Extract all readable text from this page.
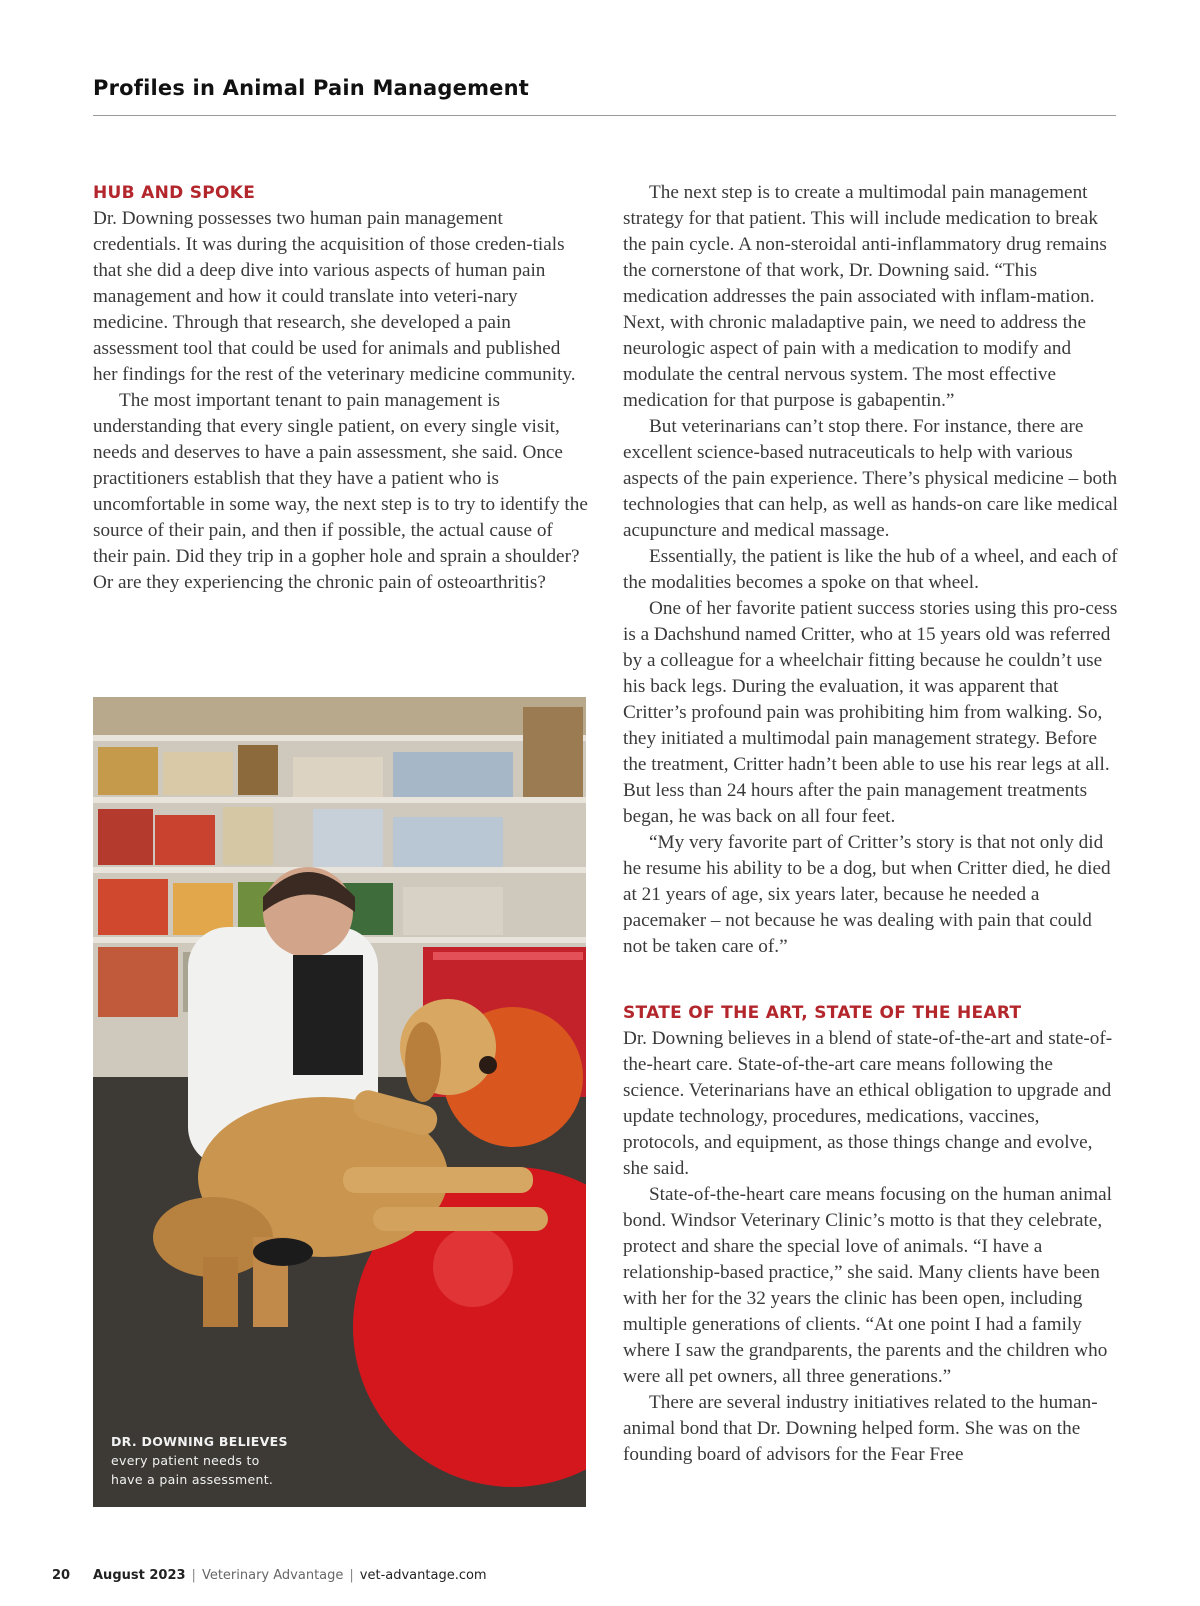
Profiles in Animal Pain Management
HUB AND SPOKE

Dr. Downing possesses two human pain management credentials. It was during the acquisition of those creden-tials that she did a deep dive into various aspects of human pain management and how it could translate into veteri-nary medicine. Through that research, she developed a pain assessment tool that could be used for animals and published her findings for the rest of the veterinary medicine community.

The most important tenant to pain management is understanding that every single patient, on every single visit, needs and deserves to have a pain assessment, she said. Once practitioners establish that they have a patient who is uncomfortable in some way, the next step is to try to identify the source of their pain, and then if possible, the actual cause of their pain. Did they trip in a gopher hole and sprain a shoulder? Or are they experiencing the chronic pain of osteoarthritis?

DR. DOWNING BELIEVES
every patient needs to
have a pain assessment.

The next step is to create a multimodal pain management strategy for that patient. This will include medication to break the pain cycle. A non-steroidal anti-inflammatory drug remains the cornerstone of that work, Dr. Downing said. “This medication addresses the pain associated with inflam-mation. Next, with chronic maladaptive pain, we need to address the neurologic aspect of pain with a medication to modify and modulate the central nervous system. The most effective medication for that purpose is gabapentin.”

But veterinarians can’t stop there. For instance, there are excellent science-based nutraceuticals to help with various aspects of the pain experience. There’s physical medicine – both technologies that can help, as well as hands-on care like medical acupuncture and medical massage.

Essentially, the patient is like the hub of a wheel, and each of the modalities becomes a spoke on that wheel.

One of her favorite patient success stories using this pro-cess is a Dachshund named Critter, who at 15 years old was referred by a colleague for a wheelchair fitting because he couldn’t use his back legs. During the evaluation, it was apparent that Critter’s profound pain was prohibiting him from walking. So, they initiated a multimodal pain management strategy. Before the treatment, Critter hadn’t been able to use his rear legs at all. But less than 24 hours after the pain management treatments began, he was back on all four feet.

“My very favorite part of Critter’s story is that not only did he resume his ability to be a dog, but when Critter died, he died at 21 years of age, six years later, because he needed a pacemaker – not because he was dealing with pain that could not be taken care of.”

STATE OF THE ART, STATE OF THE HEART

Dr. Downing believes in a blend of state-of-the-art and state-of-the-heart care. State-of-the-art care means following the science. Veterinarians have an ethical obligation to upgrade and update technology, procedures, medications, vaccines, protocols, and equipment, as those things change and evolve, she said.

State-of-the-heart care means focusing on the human animal bond. Windsor Veterinary Clinic’s motto is that they celebrate, protect and share the special love of animals. “I have a relationship-based practice,” she said. Many clients have been with her for the 32 years the clinic has been open, including multiple generations of clients. “At one point I had a family where I saw the grandparents, the parents and the children who were all pet owners, all three generations.”

There are several industry initiatives related to the human-animal bond that Dr. Downing helped form. She was on the founding board of advisors for the Fear Free

20 August 2023 | Veterinary Advantage | vet-advantage.com
